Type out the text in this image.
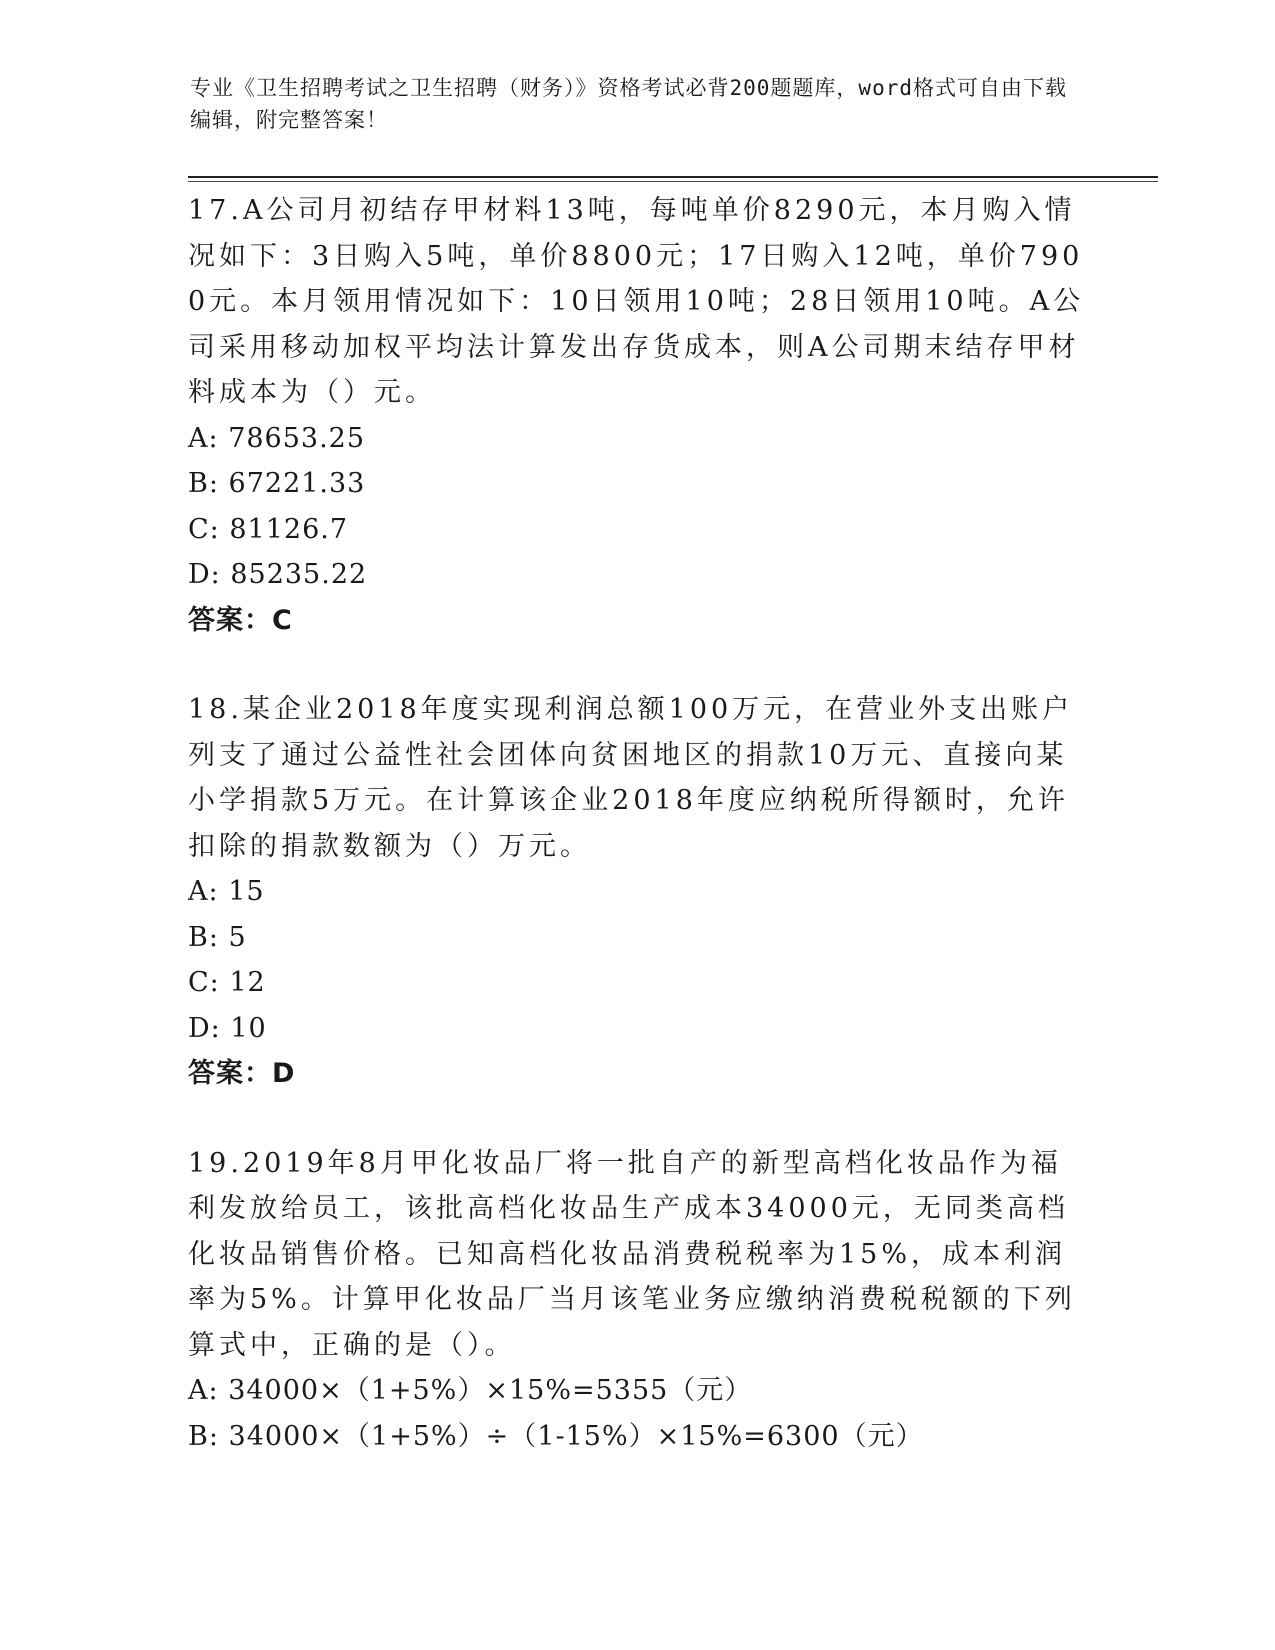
专业《卫生招聘考试之卫生招聘（财务）》资格考试必背200题题库，word格式可自由下载编辑，附完整答案！

17.A公司月初结存甲材料13吨，每吨单价8290元，本月购入情况如下：3日购入5吨，单价8800元；17日购入12吨，单价7900元。本月领用情况如下：10日领用10吨；28日领用10吨。A公司采用移动加权平均法计算发出存货成本，则A公司期末结存甲材料成本为（）元。

A: 78653.25

B: 67221.33

C: 81126.7

D: 85235.22

答案：C

18.某企业2018年度实现利润总额100万元，在营业外支出账户列支了通过公益性社会团体向贫困地区的捐款10万元、直接向某小学捐款5万元。在计算该企业2018年度应纳税所得额时，允许扣除的捐款数额为（）万元。

A: 15

B: 5

C: 12

D: 10

答案：D

19.2019年8月甲化妆品厂将一批自产的新型高档化妆品作为福利发放给员工，该批高档化妆品生产成本34000元，无同类高档化妆品销售价格。已知高档化妆品消费税税率为15%，成本利润率为5%。计算甲化妆品厂当月该笔业务应缴纳消费税税额的下列算式中，正确的是（）。

A: 34000×（1+5%）×15%=5355（元）

B: 34000×（1+5%）÷（1-15%）×15%=6300（元）
